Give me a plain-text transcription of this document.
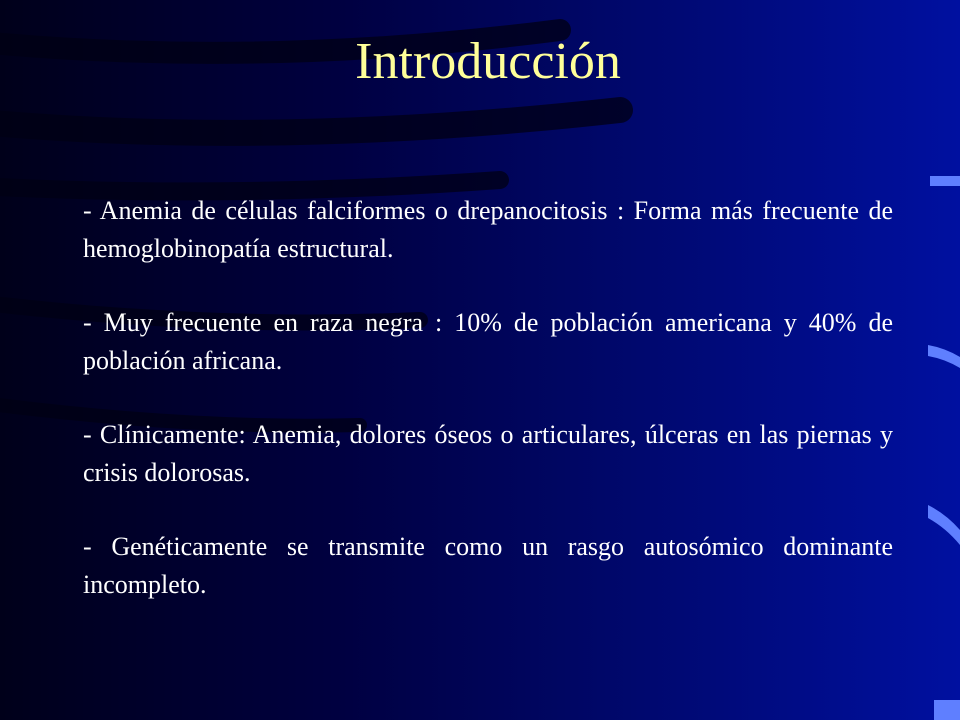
Introducción
- Anemia de células falciformes o drepanocitosis : Forma más frecuente de hemoglobinopatía estructural.
- Muy frecuente en raza negra : 10% de población americana y 40% de población africana.
- Clínicamente: Anemia, dolores óseos o articulares, úlceras en las piernas y crisis dolorosas.
- Genéticamente se transmite como un rasgo autosómico dominante incompleto.
